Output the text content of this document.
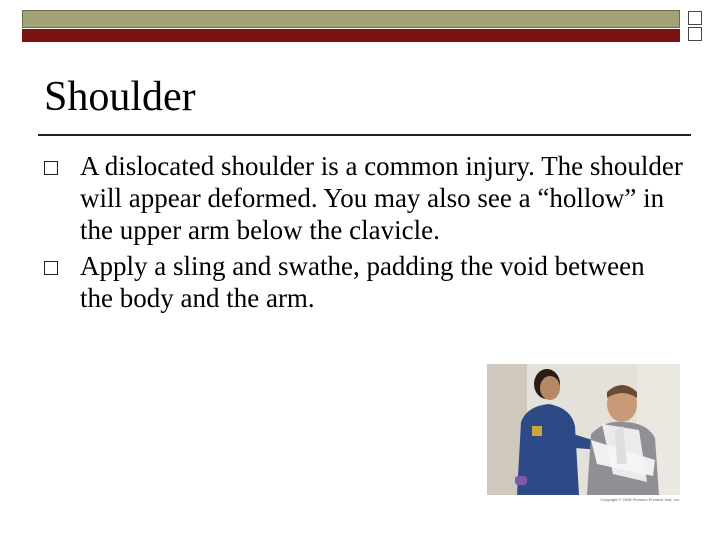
Shoulder
A dislocated shoulder is a common injury. The shoulder will appear deformed. You may also see a “hollow” in the upper arm below the clavicle.
Apply a sling and swathe, padding the void between the body and the arm.
Copyright © 2008 Pearson Prentice Hall, Inc.
